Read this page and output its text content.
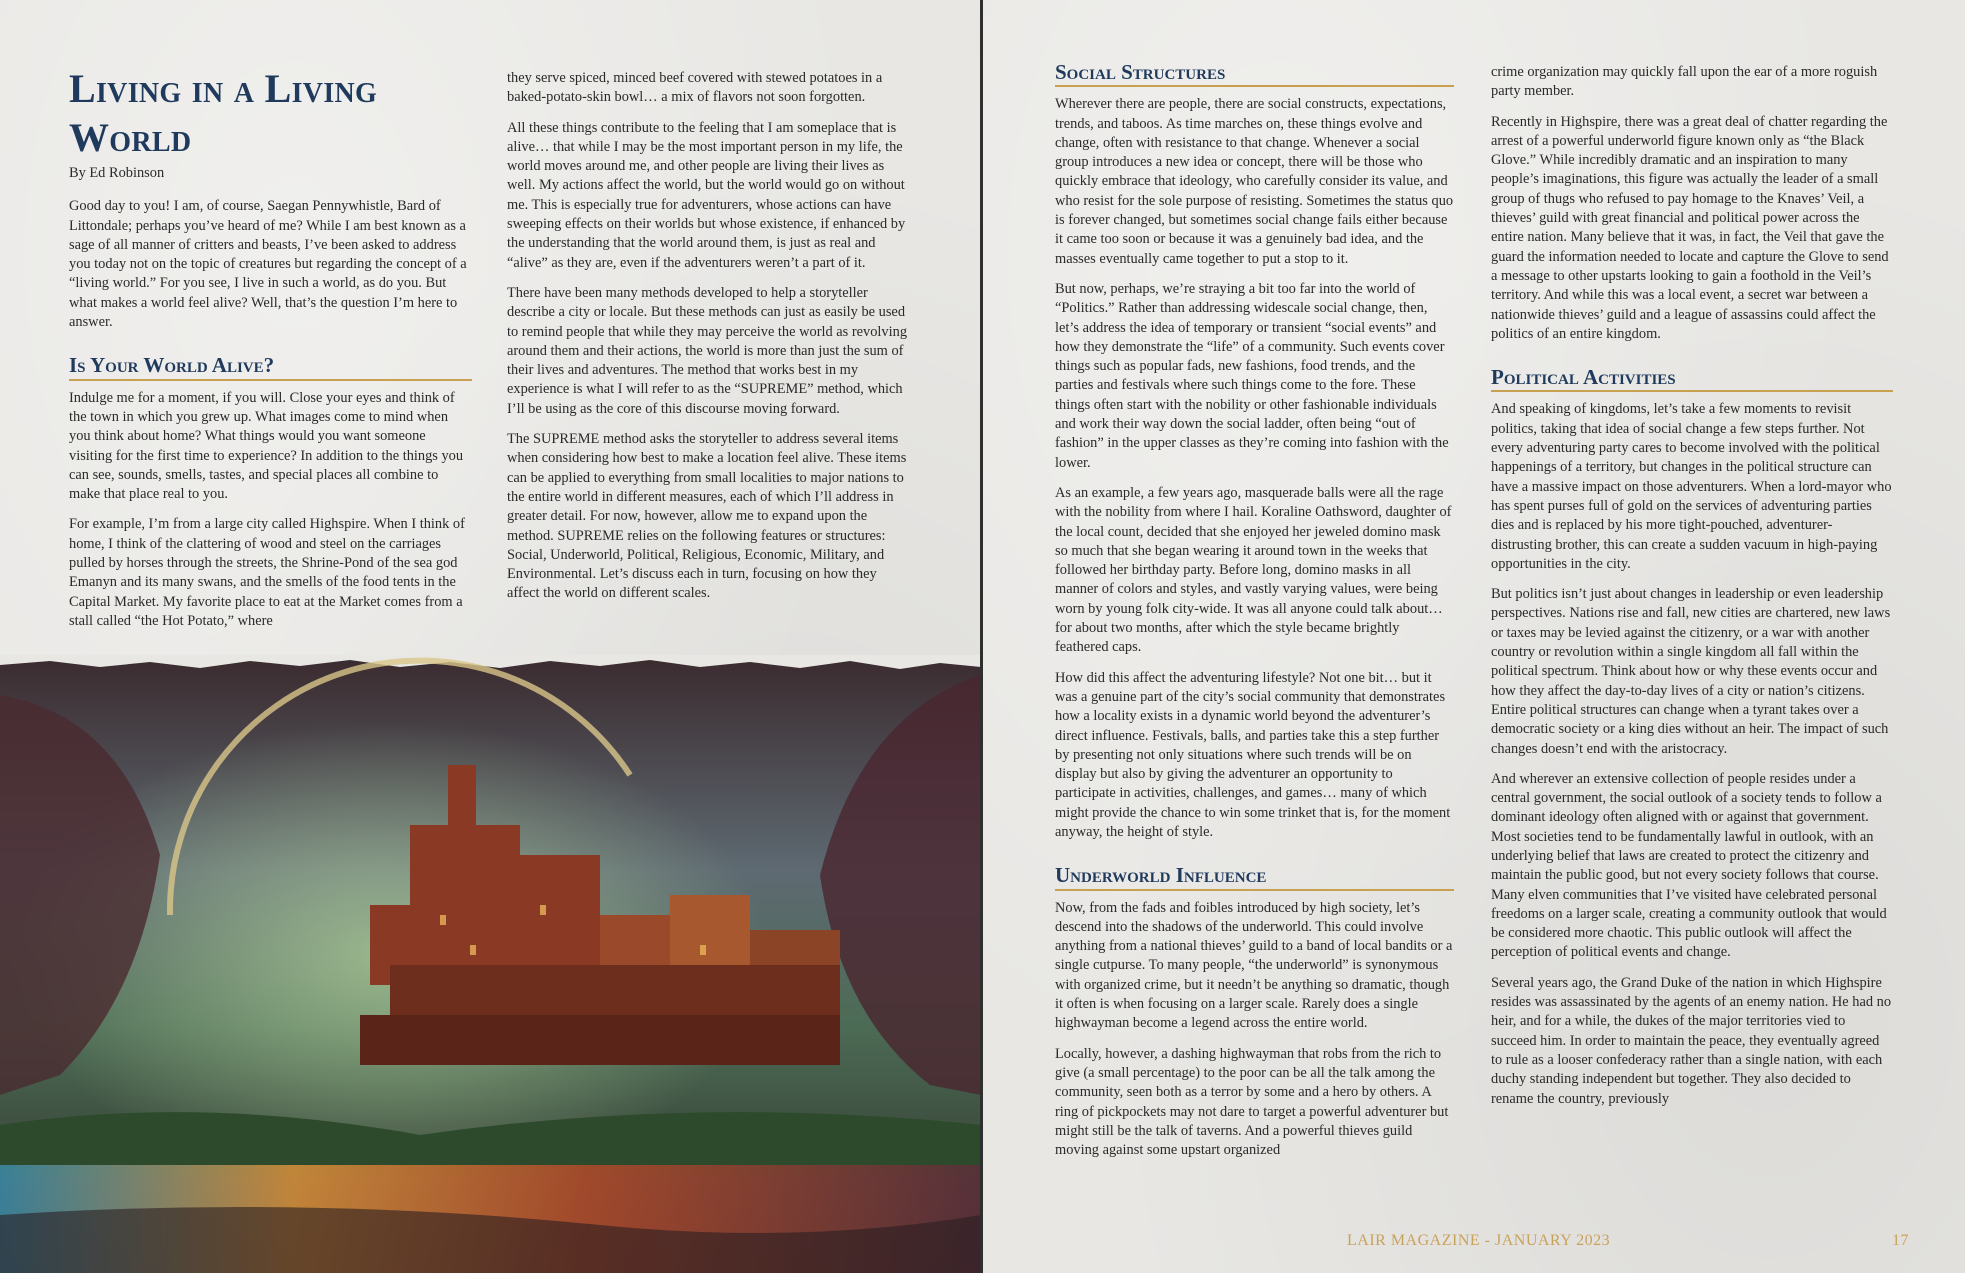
Living in a Living
World
By Ed Robinson

Good day to you! I am, of course, Saegan Pennywhistle, Bard of Littondale; perhaps you’ve heard of me? While I am best known as a sage of all manner of critters and beasts, I’ve been asked to address you today not on the topic of creatures but regarding the concept of a “living world.” For you see, I live in such a world, as do you. But what makes a world feel alive? Well, that’s the question I’m here to answer.

Is Your World Alive?

Indulge me for a moment, if you will. Close your eyes and think of the town in which you grew up. What images come to mind when you think about home? What things would you want someone visiting for the first time to experience? In addition to the things you can see, sounds, smells, tastes, and special places all combine to make that place real to you.

For example, I’m from a large city called Highspire. When I think of home, I think of the clattering of wood and steel on the carriages pulled by horses through the streets, the Shrine-Pond of the sea god Emanyn and its many swans, and the smells of the food tents in the Capital Market. My favorite place to eat at the Market comes from a stall called “the Hot Potato,” where

they serve spiced, minced beef covered with stewed potatoes in a baked-potato-skin bowl… a mix of flavors not soon forgotten.

All these things contribute to the feeling that I am someplace that is alive… that while I may be the most important person in my life, the world moves around me, and other people are living their lives as well. My actions affect the world, but the world would go on without me. This is especially true for adventurers, whose actions can have sweeping effects on their worlds but whose existence, if enhanced by the understanding that the world around them, is just as real and “alive” as they are, even if the adventurers weren’t a part of it.

There have been many methods developed to help a storyteller describe a city or locale. But these methods can just as easily be used to remind people that while they may perceive the world as revolving around them and their actions, the world is more than just the sum of their lives and adventures. The method that works best in my experience is what I will refer to as the “SUPREME” method, which I’ll be using as the core of this discourse moving forward.

The SUPREME method asks the storyteller to address several items when considering how best to make a location feel alive. These items can be applied to everything from small localities to major nations to the entire world in different measures, each of which I’ll address in greater detail. For now, however, allow me to expand upon the method. SUPREME relies on the following features or structures: Social, Underworld, Political, Religious, Economic, Military, and Environmental. Let’s discuss each in turn, focusing on how they affect the world on different scales.

Social Structures

Wherever there are people, there are social constructs, expectations, trends, and taboos. As time marches on, these things evolve and change, often with resistance to that change. Whenever a social group introduces a new idea or concept, there will be those who quickly embrace that ideology, who carefully consider its value, and who resist for the sole purpose of resisting. Sometimes the status quo is forever changed, but sometimes social change fails either because it came too soon or because it was a genuinely bad idea, and the masses eventually came together to put a stop to it.

But now, perhaps, we’re straying a bit too far into the world of “Politics.” Rather than addressing widescale social change, then, let’s address the idea of temporary or transient “social events” and how they demonstrate the “life” of a community. Such events cover things such as popular fads, new fashions, food trends, and the parties and festivals where such things come to the fore. These things often start with the nobility or other fashionable individuals and work their way down the social ladder, often being “out of fashion” in the upper classes as they’re coming into fashion with the lower.

As an example, a few years ago, masquerade balls were all the rage with the nobility from where I hail. Koraline Oathsword, daughter of the local count, decided that she enjoyed her jeweled domino mask so much that she began wearing it around town in the weeks that followed her birthday party. Before long, domino masks in all manner of colors and styles, and vastly varying values, were being worn by young folk city-wide. It was all anyone could talk about… for about two months, after which the style became brightly feathered caps.

How did this affect the adventuring lifestyle? Not one bit… but it was a genuine part of the city’s social community that demonstrates how a locality exists in a dynamic world beyond the adventurer’s direct influence. Festivals, balls, and parties take this a step further by presenting not only situations where such trends will be on display but also by giving the adventurer an opportunity to participate in activities, challenges, and games… many of which might provide the chance to win some trinket that is, for the moment anyway, the height of style.

Underworld Influence

Now, from the fads and foibles introduced by high society, let’s descend into the shadows of the underworld. This could involve anything from a national thieves’ guild to a band of local bandits or a single cutpurse. To many people, “the underworld” is synonymous with organized crime, but it needn’t be anything so dramatic, though it often is when focusing on a larger scale. Rarely does a single highwayman become a legend across the entire world.

Locally, however, a dashing highwayman that robs from the rich to give (a small percentage) to the poor can be all the talk among the community, seen both as a terror by some and a hero by others. A ring of pickpockets may not dare to target a powerful adventurer but might still be the talk of taverns. And a powerful thieves guild moving against some upstart organized

crime organization may quickly fall upon the ear of a more roguish party member.

Recently in Highspire, there was a great deal of chatter regarding the arrest of a powerful underworld figure known only as “the Black Glove.” While incredibly dramatic and an inspiration to many people’s imaginations, this figure was actually the leader of a small group of thugs who refused to pay homage to the Knaves’ Veil, a thieves’ guild with great financial and political power across the entire nation. Many believe that it was, in fact, the Veil that gave the guard the information needed to locate and capture the Glove to send a message to other upstarts looking to gain a foothold in the Veil’s territory. And while this was a local event, a secret war between a nationwide thieves’ guild and a league of assassins could affect the politics of an entire kingdom.

Political Activities

And speaking of kingdoms, let’s take a few moments to revisit politics, taking that idea of social change a few steps further. Not every adventuring party cares to become involved with the political happenings of a territory, but changes in the political structure can have a massive impact on those adventurers. When a lord-mayor who has spent purses full of gold on the services of adventuring parties dies and is replaced by his more tight-pouched, adventurer-distrusting brother, this can create a sudden vacuum in high-paying opportunities in the city.

But politics isn’t just about changes in leadership or even leadership perspectives. Nations rise and fall, new cities are chartered, new laws or taxes may be levied against the citizenry, or a war with another country or revolution within a single kingdom all fall within the political spectrum. Think about how or why these events occur and how they affect the day-to-day lives of a city or nation’s citizens. Entire political structures can change when a tyrant takes over a democratic society or a king dies without an heir. The impact of such changes doesn’t end with the aristocracy.

And wherever an extensive collection of people resides under a central government, the social outlook of a society tends to follow a dominant ideology often aligned with or against that government. Most societies tend to be fundamentally lawful in outlook, with an underlying belief that laws are created to protect the citizenry and maintain the public good, but not every society follows that course. Many elven communities that I’ve visited have celebrated personal freedoms on a larger scale, creating a community outlook that would be considered more chaotic. This public outlook will affect the perception of political events and change.

Several years ago, the Grand Duke of the nation in which Highspire resides was assassinated by the agents of an enemy nation. He had no heir, and for a while, the dukes of the major territories vied to succeed him. In order to maintain the peace, they eventually agreed to rule as a looser confederacy rather than a single nation, with each duchy standing independent but together. They also decided to rename the country, previously

LAIR MAGAZINE - JANUARY 2023	17
